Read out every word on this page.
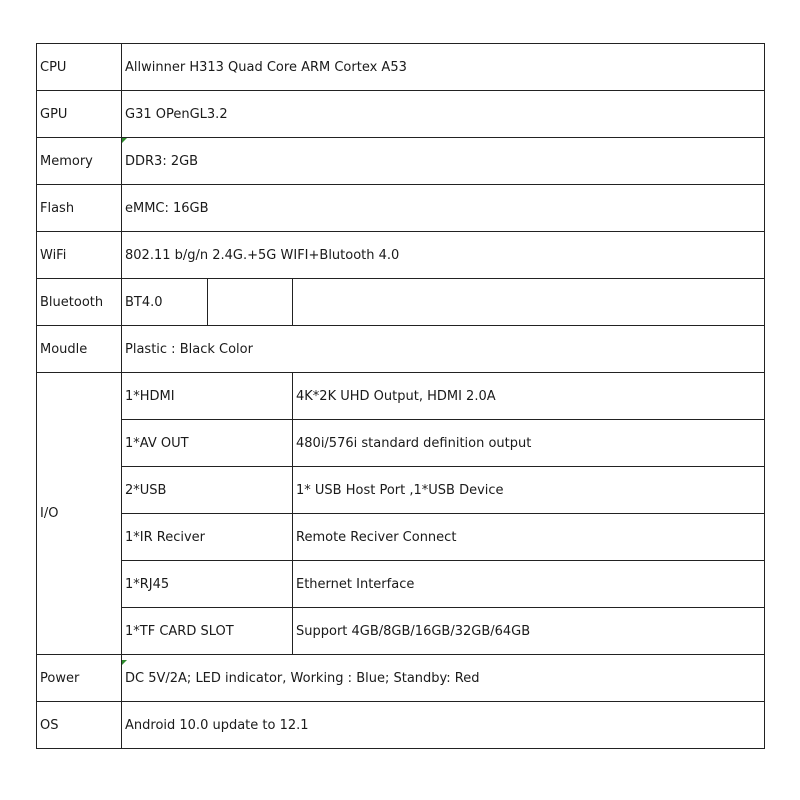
CPU	Allwinner H313 Quad Core ARM Cortex A53		
GPU	G31 OPenGL3.2		
Memory	DDR3: 2GB		
Flash	eMMC: 16GB		
WiFi	802.11 b/g/n 2.4G.+5G WIFI+Blutooth 4.0		
Bluetooth	BT4.0		
Moudle	Plastic : Black Color		
I/O	1*HDMI		4K*2K UHD Output, HDMI 2.0A
	1*AV OUT		480i/576i standard definition output
	2*USB		1* USB Host Port ,1*USB Device
	1*IR Reciver		Remote Reciver Connect
	1*RJ45		Ethernet Interface
	1*TF CARD SLOT		Support 4GB/8GB/16GB/32GB/64GB
Power	DC 5V/2A; LED indicator, Working : Blue; Standby: Red		
OS	Android 10.0 update to 12.1		
